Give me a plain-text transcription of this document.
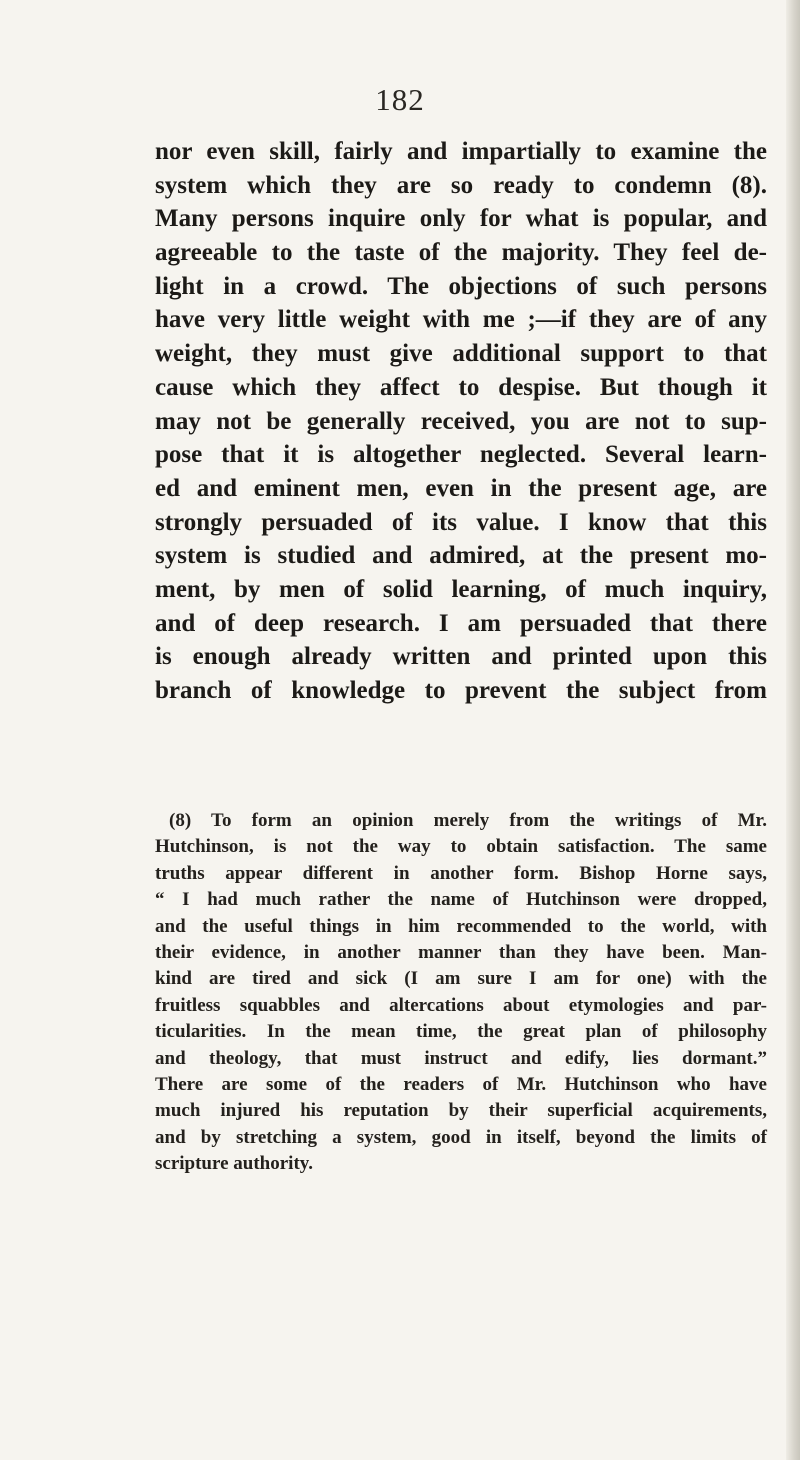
182
nor even skill, fairly and impartially to examine the
system which they are so ready to condemn (8).
Many persons inquire only for what is popular, and
agreeable to the taste of the majority. They feel de-
light in a crowd. The objections of such persons
have very little weight with me ;—if they are of any
weight, they must give additional support to that
cause which they affect to despise. But though it
may not be generally received, you are not to sup-
pose that it is altogether neglected. Several learn-
ed and eminent men, even in the present age, are
strongly persuaded of its value. I know that this
system is studied and admired, at the present mo-
ment, by men of solid learning, of much inquiry,
and of deep research. I am persuaded that there
is enough already written and printed upon this
branch of knowledge to prevent the subject from
(8) To form an opinion merely from the writings of Mr.
Hutchinson, is not the way to obtain satisfaction. The same
truths appear different in another form. Bishop Horne says,
“ I had much rather the name of Hutchinson were dropped,
and the useful things in him recommended to the world, with
their evidence, in another manner than they have been. Man-
kind are tired and sick (I am sure I am for one) with the
fruitless squabbles and altercations about etymologies and par-
ticularities. In the mean time, the great plan of philosophy
and theology, that must instruct and edify, lies dormant.”
There are some of the readers of Mr. Hutchinson who have
much injured his reputation by their superficial acquirements,
and by stretching a system, good in itself, beyond the limits of
scripture authority.
